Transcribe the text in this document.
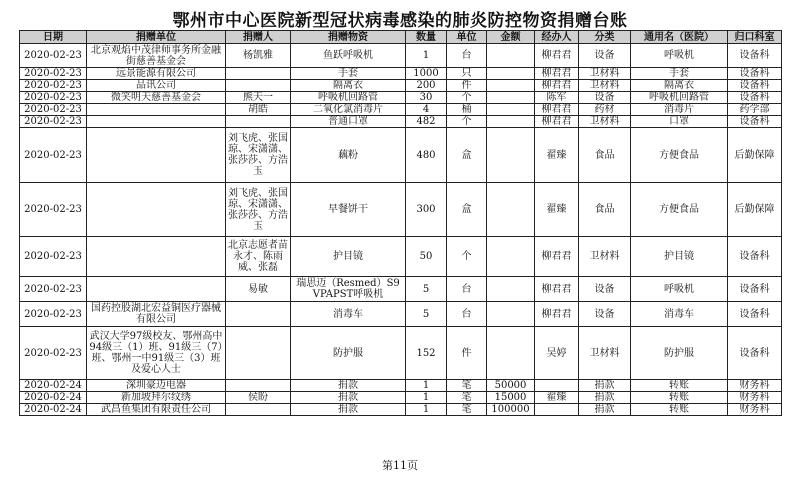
鄂州市中心医院新型冠状病毒感染的肺炎防控物资捐赠台账
日期	捐赠单位	捐赠人	捐赠物资	数量	单位	金额	经办人	分类	通用名（医院）	归口科室
2020-02-23	北京观焰中茂律师事务所金融街慈善基金会	杨凯雅	鱼跃呼吸机	1	台		柳君君	设备	呼吸机	设备科
2020-02-23	远景能源有限公司		手套	1000	只		柳君君	卫材料	手套	设备科
2020-02-23	品讯公司		隔离衣	200	件		柳君君	卫材料	隔离衣	设备科
2020-02-23	微笑明天慈善基金会	熊天一	呼吸机回路管	30	个		陈军	设备	呼吸机回路管	设备科
2020-02-23		胡皓	二氧化氯消毒片	4	桶		柳君君	药材	消毒片	药学部
2020-02-23			普通口罩	482	个		柳君君	卫材料	口罩	设备科
2020-02-23		刘飞虎、张国琼、宋潇潇、张莎莎、方浩玉	藕粉	480	盒		翟臻	食品	方便食品	后勤保障
2020-02-23		刘飞虎、张国琼、宋潇潇、张莎莎、方浩玉	早餐饼干	300	盒		翟臻	食品	方便食品	后勤保障
2020-02-23		北京志愿者苗永才、陈雨威、张磊	护目镜	50	个		柳君君	卫材料	护目镜	设备科
2020-02-23		易敏	瑞思迈（Resmed）S9 VPAPST呼吸机	5	台		柳君君	设备	呼吸机	设备科
2020-02-23	国药控股湖北宏益铜医疗器械有限公司		消毒车	5	台		柳君君	设备	消毒车	设备科
2020-02-23	武汉大学97级校友、鄂州高中94级三（1）班、91级三（7）班、鄂州一中91级三（3）班及爱心人士		防护服	152	件		吴婷	卫材料	防护服	设备科
2020-02-24	深圳豪迈电器		捐款	1	笔	50000		捐款	转账	财务科
2020-02-24	新加坡拜尔纹绣	侯盼	捐款	1	笔	15000	翟臻	捐款	转账	财务科
2020-02-24	武昌鱼集团有限责任公司		捐款	1	笔	100000		捐款	转账	财务科
第11页
